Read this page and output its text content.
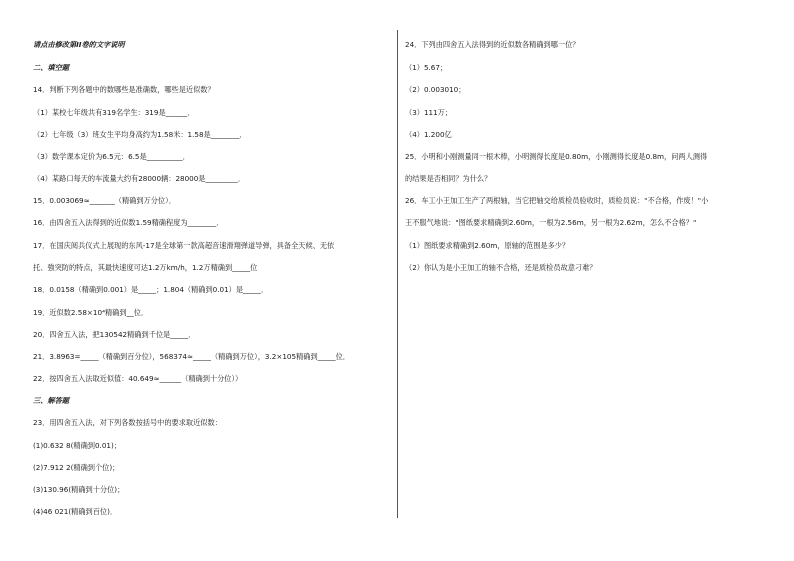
请点击修改第II卷的文字说明
二、填空题
14．判断下列各题中的数哪些是准确数，哪些是近似数？
（1）某校七年级共有319名学生：319是______．
（2）七年级（3）班女生平均身高约为1.58米：1.58是________．
（3）数学课本定价为6.5元：6.5是__________．
（4）某路口每天的车流量大约有28000辆：28000是_________．
15．0.003069≈_______（精确到万分位）．
16．由四舍五入法得到的近似数1.59精确程度为________．
17．在国庆阅兵仪式上展现的东风-17是全球第一款高超音速滑翔弹道导弹，具备全天候、无依
托、強突防的特点，其最快速度可达1.2万km/h，1.2万精确到_____位
18．0.0158（精确到0.001）是_____；1.804（精确到0.01）是_____．
19．近似数2.58×10⁴精确到__位．
20．四舍五入法，把130542精确到千位是_____．
21．3.8963=_____（精确到百分位），568374≈_____（精确到万位），3.2×105精确到_____位．
22．按四舍五入法取近似值：40.649≈______（精确到十分位））
三、解答题
23．用四舍五入法，对下列各数按括号中的要求取近似数：
(1)0.632 8(精确到0.01)；
(2)7.912 2(精确到个位)；
(3)130.96(精确到十分位)；
(4)46 021(精确到百位)．
24．下列由四舍五入法得到的近似数各精确到哪一位？
（1）5.67；
（2）0.003010；
（3）111万；
（4）1.200亿
25．小明和小刚测量同一根木棒，小明测得长度是0.80m，小刚测得长度是0.8m，问两人测得
的结果是否相同？为什么？
26．车工小王加工生产了两根轴，当它把轴交给质检员验收时，质检员说："不合格，作废！"小
王不服气地说："图纸要求精确到2.60m，一根为2.56m，另一根为2.62m，怎么不合格？"
（1）图纸要求精确到2.60m，原轴的范围是多少？
（2）你认为是小王加工的轴不合格，还是质检员故意刁难？
